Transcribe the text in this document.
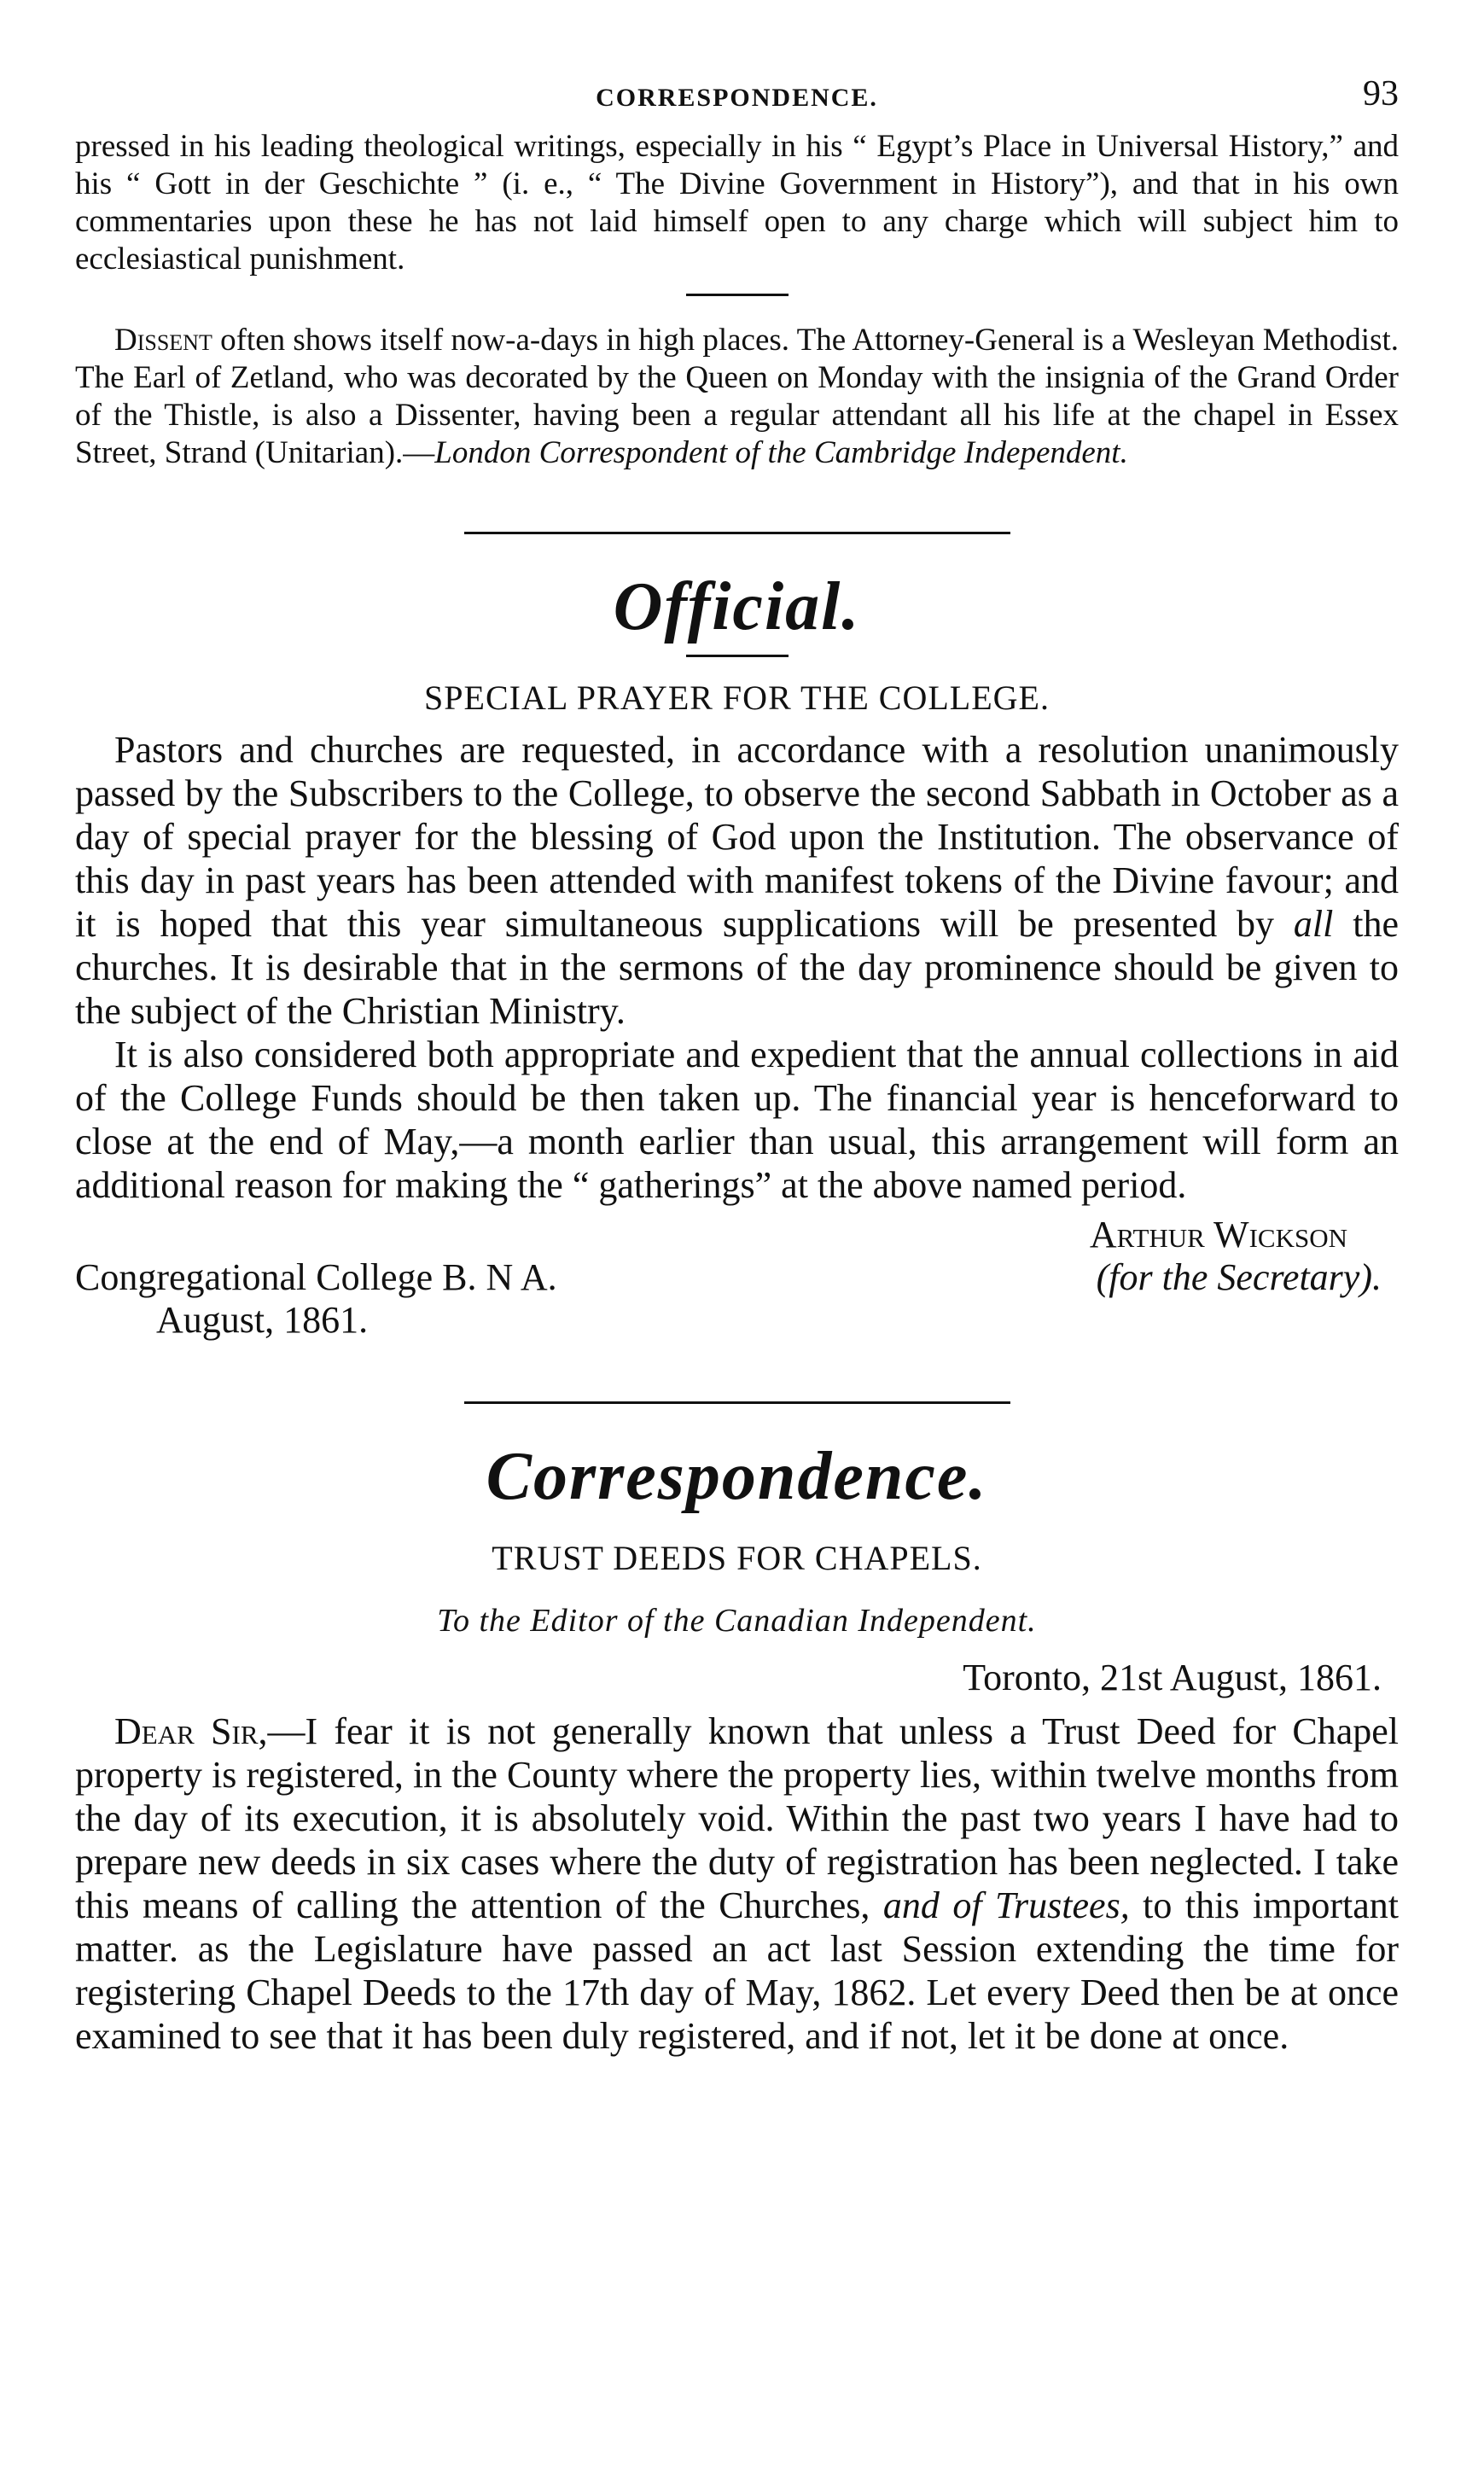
CORRESPONDENCE.	93

pressed in his leading theological writings, especially in his “ Egypt’s Place in Universal History,” and his “ Gott in der Geschichte ” (i. e., “ The Divine Government in History”), and that in his own commentaries upon these he has not laid himself open to any charge which will subject him to ecclesiastical punishment.

Dissent often shows itself now-a-days in high places. The Attorney-General is a Wesleyan Methodist. The Earl of Zetland, who was decorated by the Queen on Monday with the insignia of the Grand Order of the Thistle, is also a Dissenter, having been a regular attendant all his life at the chapel in Essex Street, Strand (Unitarian).—London Correspondent of the Cambridge Independent.

Official.
SPECIAL PRAYER FOR THE COLLEGE.

Pastors and churches are requested, in accordance with a resolution unanimously passed by the Subscribers to the College, to observe the second Sabbath in October as a day of special prayer for the blessing of God upon the Institution. The observance of this day in past years has been attended with manifest tokens of the Divine favour; and it is hoped that this year simultaneous supplications will be presented by all the churches. It is desirable that in the sermons of the day prominence should be given to the subject of the Christian Ministry.

It is also considered both appropriate and expedient that the annual collections in aid of the College Funds should be then taken up. The financial year is henceforward to close at the end of May,—a month earlier than usual, this arrangement will form an additional reason for making the “ gatherings” at the above named period.

Arthur Wickson
Congregational College B. N A.	(for the Secretary).
August, 1861.
Correspondence.
TRUST DEEDS FOR CHAPELS.
To the Editor of the Canadian Independent.
Toronto, 21st August, 1861.

Dear Sir,—I fear it is not generally known that unless a Trust Deed for Chapel property is registered, in the County where the property lies, within twelve months from the day of its execution, it is absolutely void. Within the past two years I have had to prepare new deeds in six cases where the duty of registration has been neglected. I take this means of calling the attention of the Churches, and of Trustees, to this important matter. as the Legislature have passed an act last Session extending the time for registering Chapel Deeds to the 17th day of May, 1862. Let every Deed then be at once examined to see that it has been duly registered, and if not, let it be done at once.
